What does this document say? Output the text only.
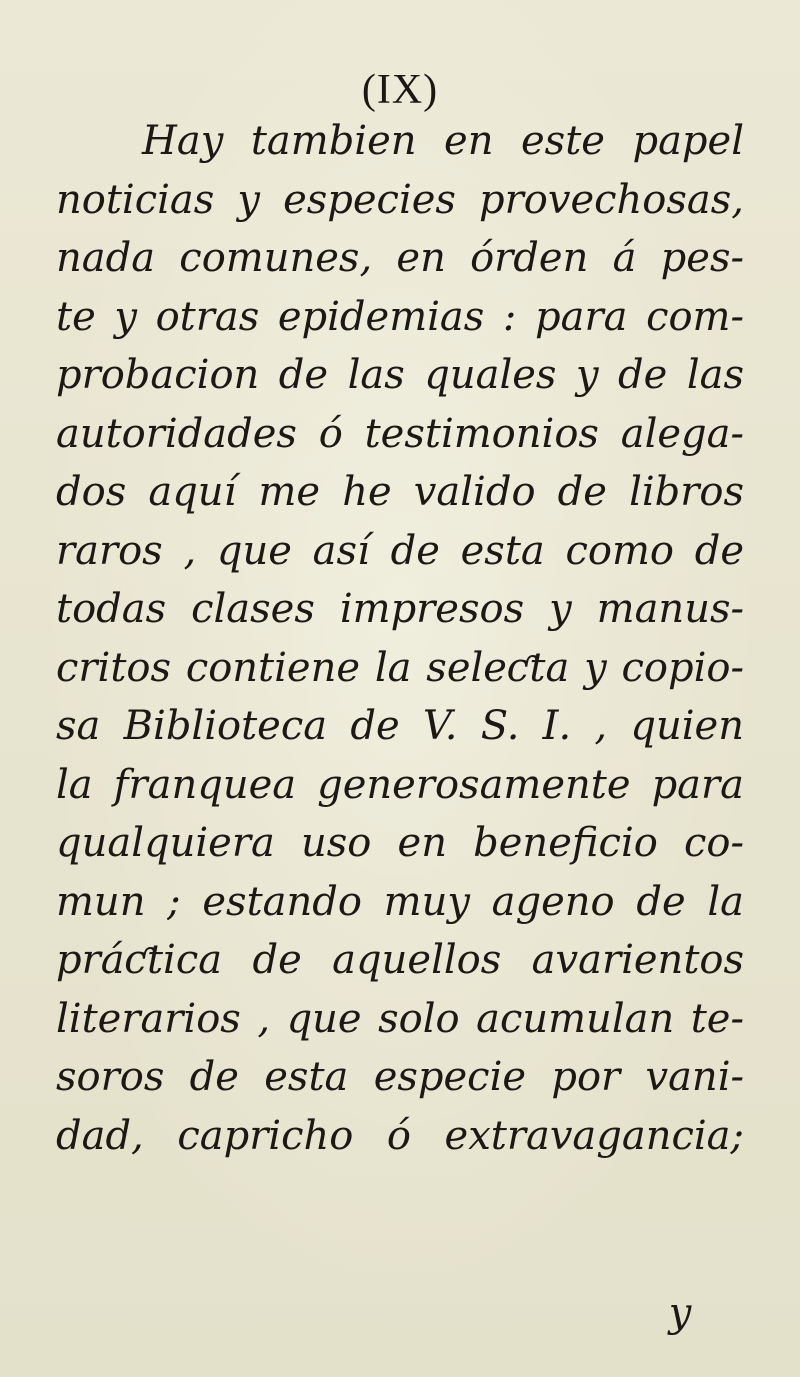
(IX)
Hay tambien en este papel
noticias y especies provechosas,
nada comunes, en órden á pes-
te y otras epidemias : para com-
probacion de las quales y de las
autoridades ó testimonios alega-
dos aquí me he valido de libros
raros , que así de esta como de
todas clases impresos y manus-
critos contiene la seleƈta y copio-
sa Biblioteca de V. S. I. , quien
la franquea generosamente para
qualquiera uso en beneficio co-
mun ; estando muy ageno de la
práƈtica de aquellos avarientos
literarios , que solo acumulan te-
soros de esta especie por vani-
dad, capricho ó extravagancia;
y
